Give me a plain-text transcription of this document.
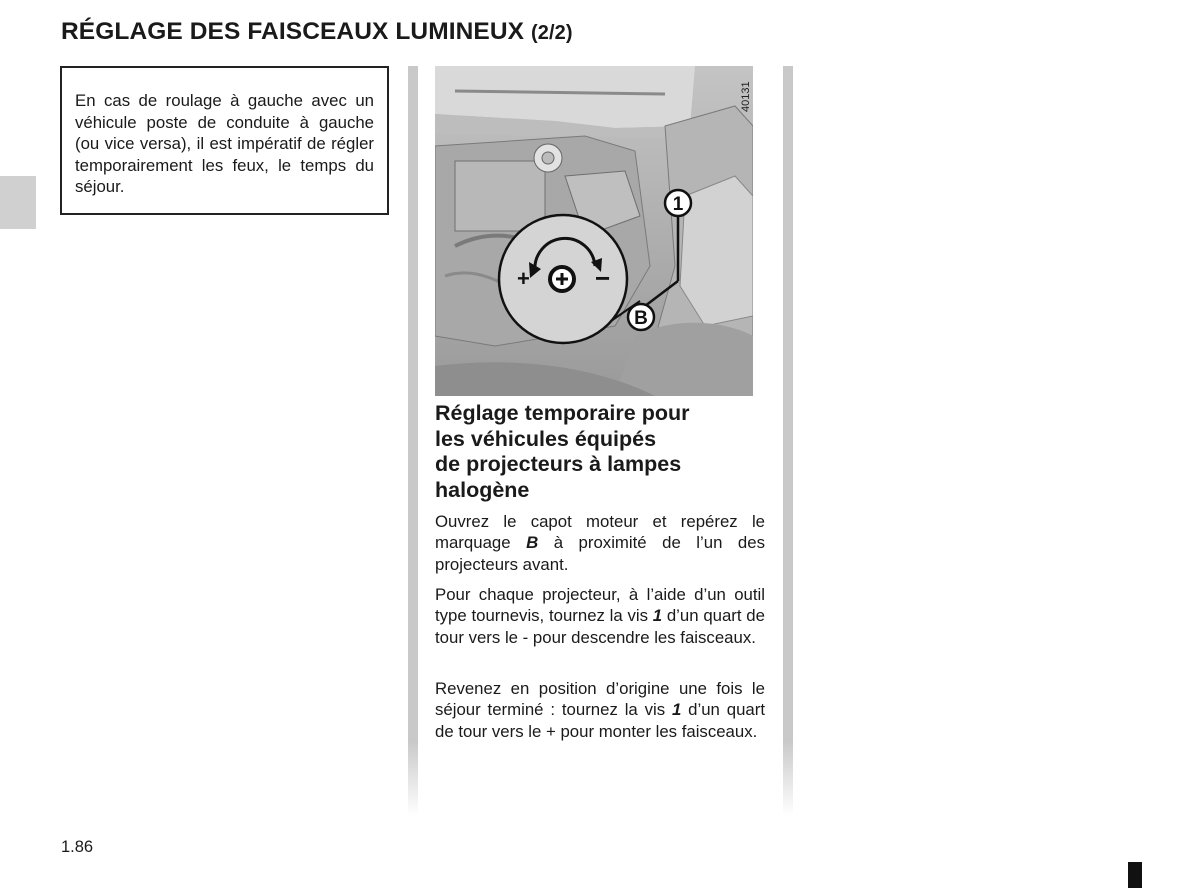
RÉGLAGE DES FAISCEAUX LUMINEUX (2/2)

En cas de roulage à gauche avec un véhicule poste de conduite à gauche (ou vice versa), il est impératif de régler temporairement les feux, le temps du séjour.

+	−
1
B
40131
Réglage temporaire pour
les véhicules équipés
de projecteurs à lampes
halogène
Ouvrez le capot moteur et repérez le marquage B à proximité de l’un des projecteurs avant.
Pour chaque projecteur, à l’aide d’un outil type tournevis, tournez la vis 1 d’un quart de tour vers le - pour descendre les faisceaux.
Revenez en position d’origine une fois le séjour terminé : tournez la vis 1 d’un quart de tour vers le + pour monter les faisceaux.
1.86
